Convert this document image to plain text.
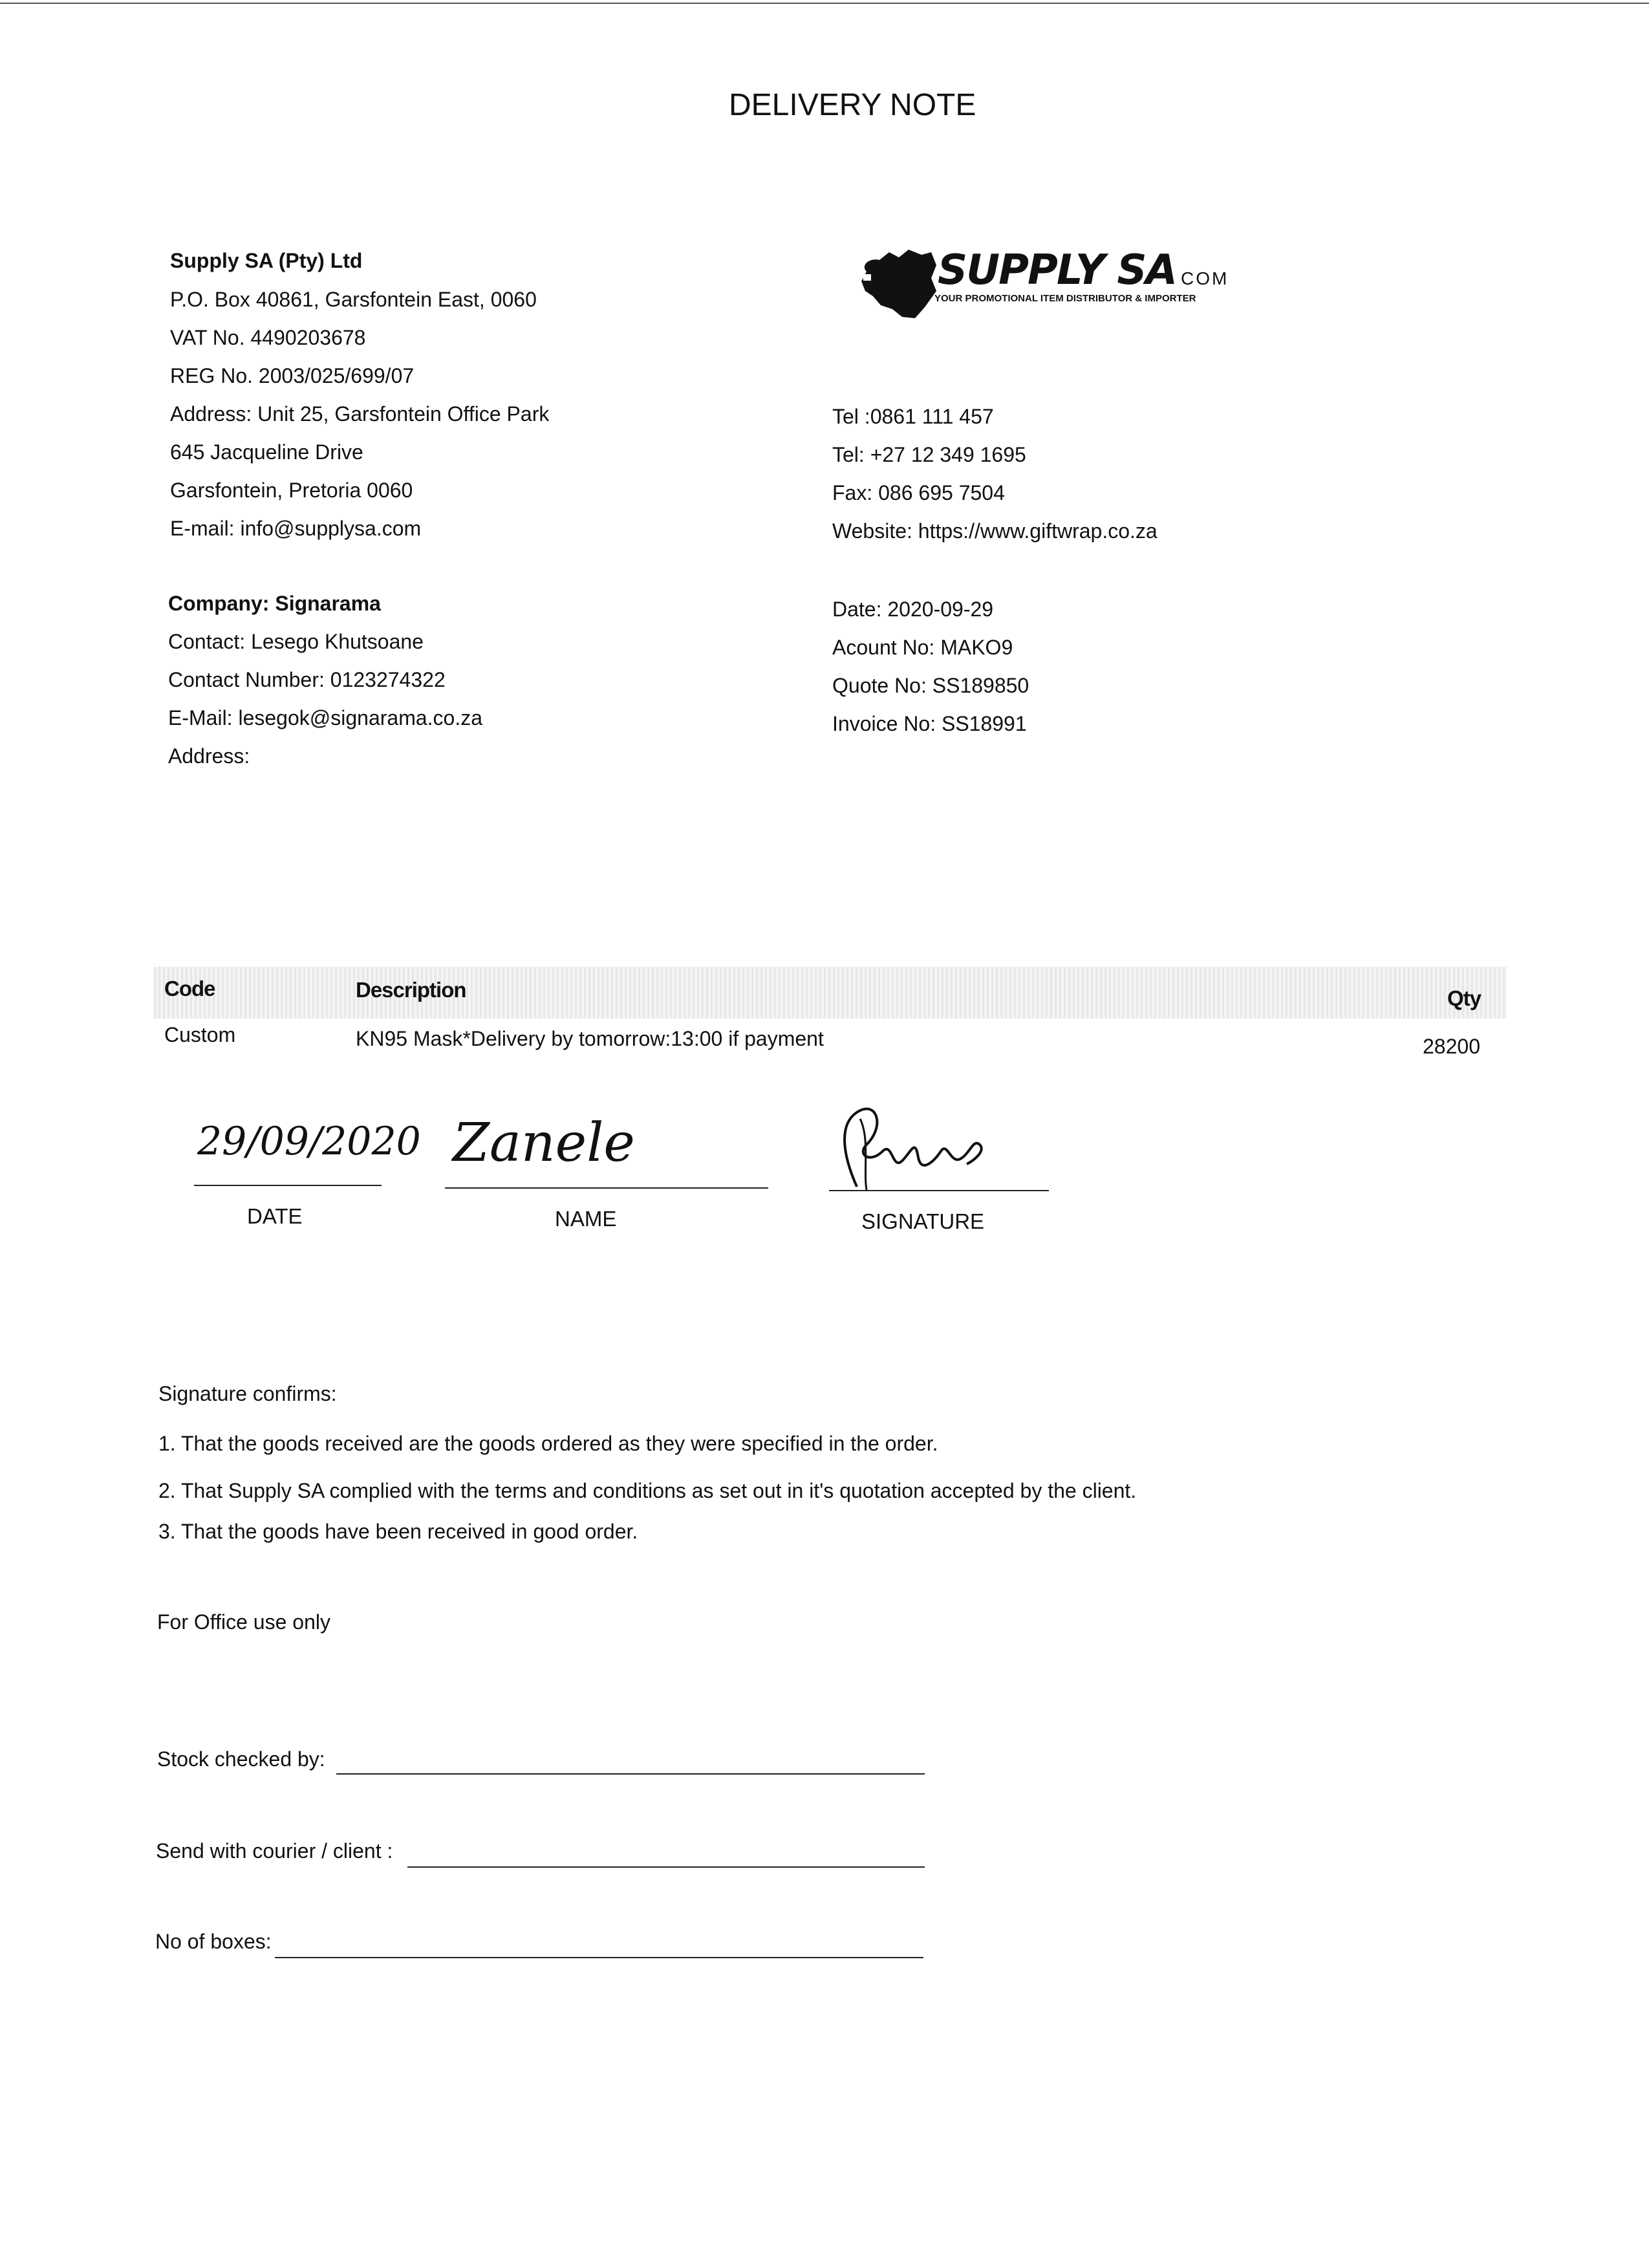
DELIVERY NOTE
Supply SA (Pty) Ltd
P.O. Box 40861, Garsfontein East, 0060
VAT No. 4490203678
REG No. 2003/025/699/07
Address: Unit 25, Garsfontein Office Park
645 Jacqueline Drive
Garsfontein, Pretoria 0060
E-mail: info@supplysa.com
SUPPLY SA COM
YOUR PROMOTIONAL ITEM DISTRIBUTOR & IMPORTER
Tel :0861 111 457
Tel: +27 12 349 1695
Fax: 086 695 7504
Website: https://www.giftwrap.co.za
Company: Signarama
Contact: Lesego Khutsoane
Contact Number: 0123274322
E-Mail: lesegok@signarama.co.za
Address:
Date: 2020-09-29
Acount No: MAKO9
Quote No: SS189850
Invoice No: SS18991
Code	Description	Qty
Custom	KN95 Mask*Delivery by tomorrow:13:00 if payment	28200
29/09/2020
DATE
Zanele
NAME	SIGNATURE
Signature confirms:
1. That the goods received are the goods ordered as they were specified in the order.
2. That Supply SA complied with the terms and conditions as set out in it's quotation accepted by the client.
3. That the goods have been received in good order.
For Office use only
Stock checked by:
Send with courier / client :
No of boxes:
